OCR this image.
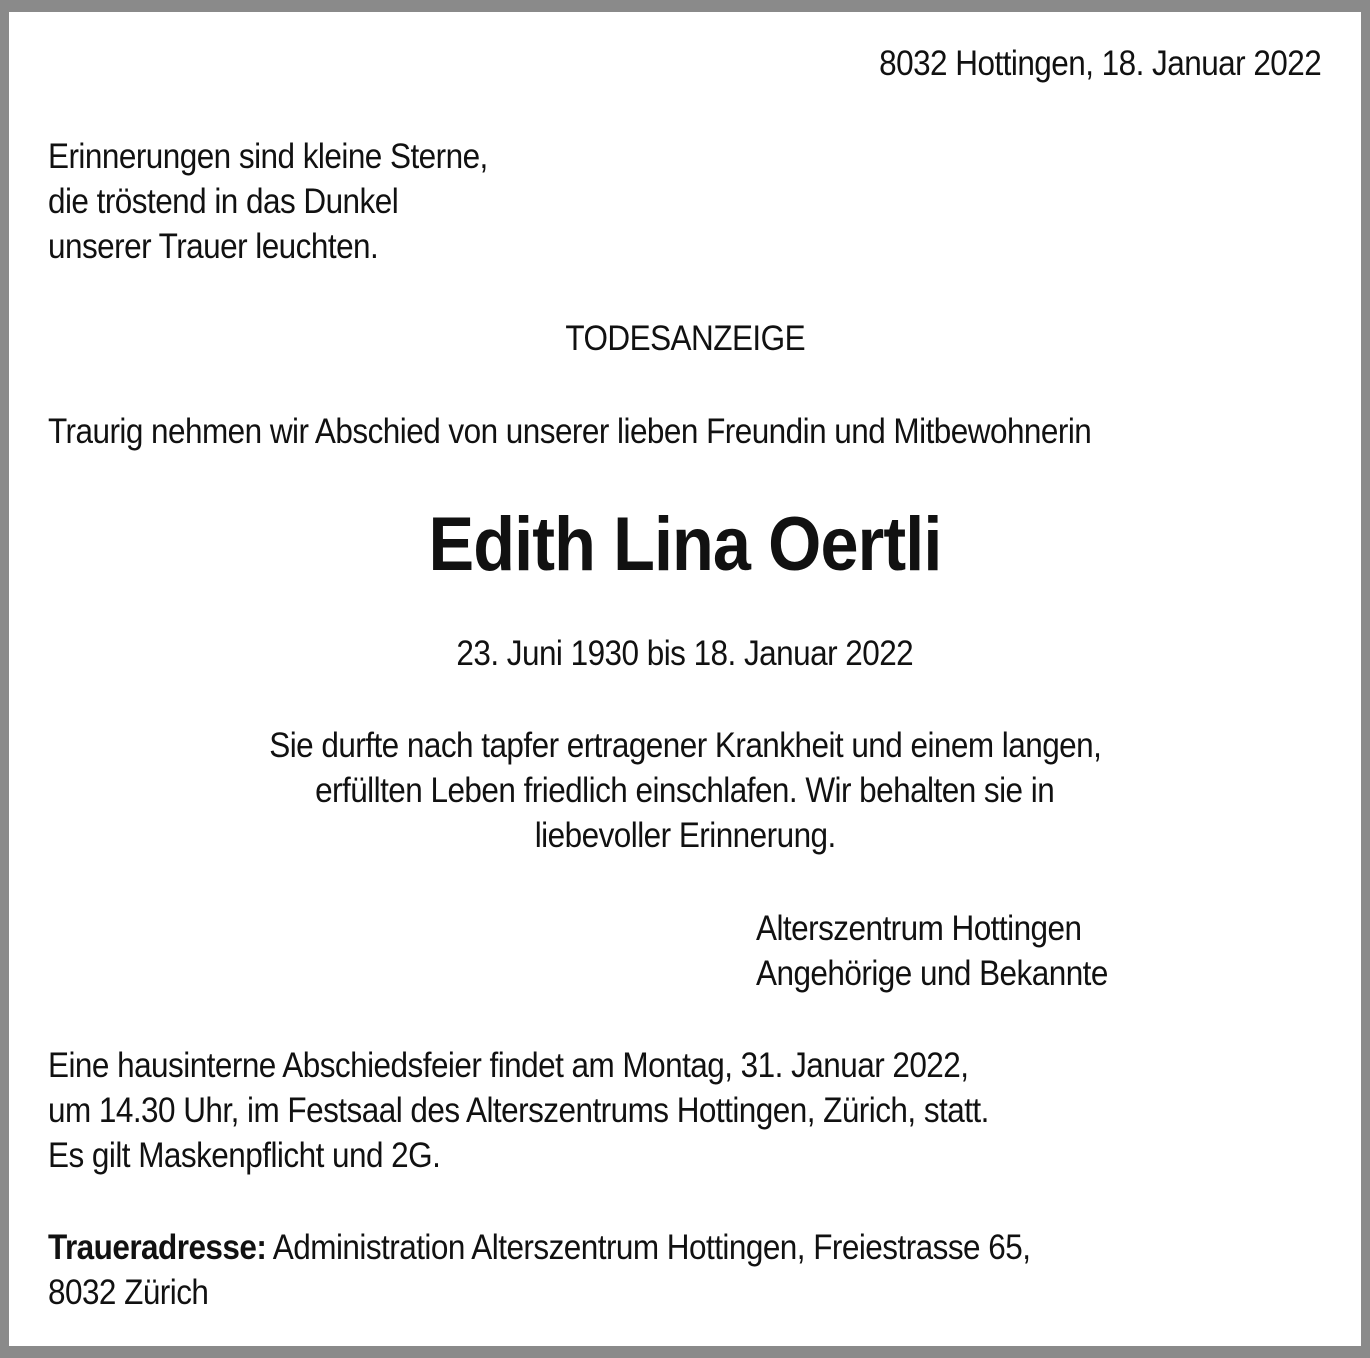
8032 Hottingen, 18. Januar 2022
Erinnerungen sind kleine Sterne,
die tröstend in das Dunkel
unserer Trauer leuchten.
TODESANZEIGE
Traurig nehmen wir Abschied von unserer lieben Freundin und Mitbewohnerin
Edith Lina Oertli
23. Juni 1930 bis 18. Januar 2022
Sie durfte nach tapfer ertragener Krankheit und einem langen,
erfüllten Leben friedlich einschlafen. Wir behalten sie in
liebevoller Erinnerung.
Alterszentrum Hottingen
Angehörige und Bekannte
Eine hausinterne Abschiedsfeier findet am Montag, 31. Januar 2022,
um 14.30 Uhr, im Festsaal des Alterszentrums Hottingen, Zürich, statt.
Es gilt Maskenpflicht und 2G.
Traueradresse: Administration Alterszentrum Hottingen, Freiestrasse 65,
8032 Zürich
